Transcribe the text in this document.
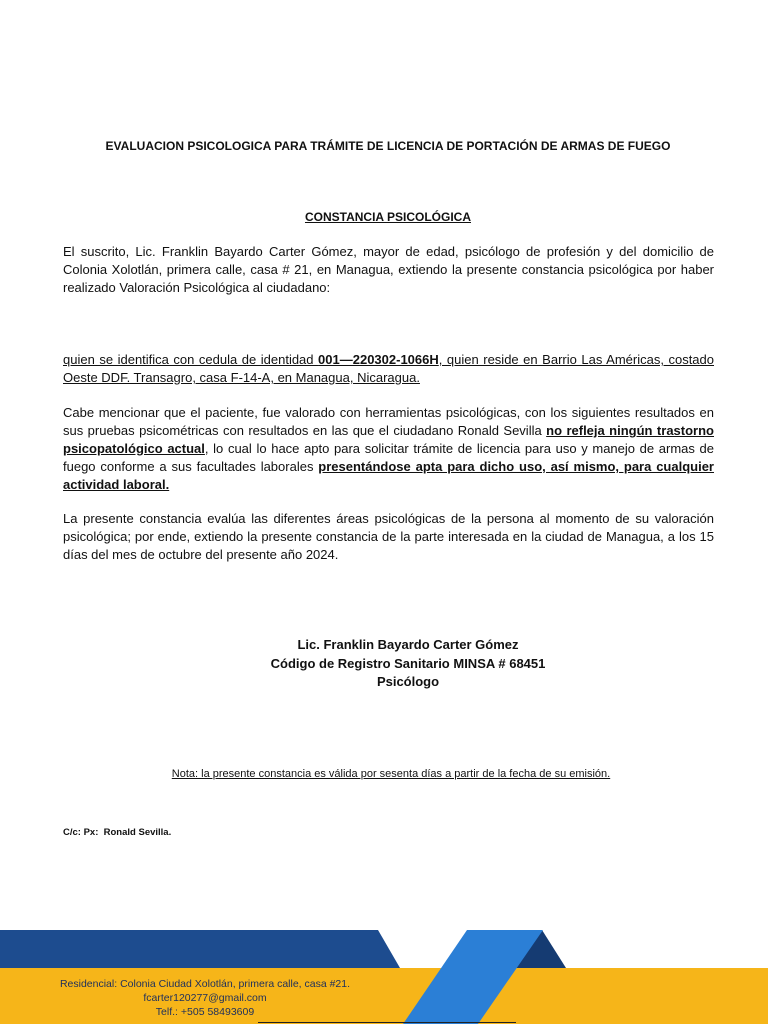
EVALUACION PSICOLOGICA PARA TRÁMITE DE LICENCIA DE PORTACIÓN DE ARMAS DE FUEGO
CONSTANCIA PSICOLÓGICA

El suscrito, Lic. Franklin Bayardo Carter Gómez, mayor de edad, psicólogo de profesión y del domicilio de Colonia Xolotlán, primera calle, casa # 21, en Managua, extiendo la presente constancia psicológica por haber realizado Valoración Psicológica al ciudadano:

quien se identifica con cedula de identidad 001—220302-1066H, quien reside en Barrio Las Américas, costado Oeste DDF. Transagro, casa F-14-A, en Managua, Nicaragua.

Cabe mencionar que el paciente, fue valorado con herramientas psicológicas, con los siguientes resultados en sus pruebas psicométricas con resultados en las que el ciudadano Ronald Sevilla no refleja ningún trastorno psicopatológico actual, lo cual lo hace apto para solicitar trámite de licencia para uso y manejo de armas de fuego conforme a sus facultades laborales presentándose apta para dicho uso, así mismo, para cualquier actividad laboral.

La presente constancia evalúa las diferentes áreas psicológicas de la persona al momento de su valoración psicológica; por ende, extiendo la presente constancia de la parte interesada en la ciudad de Managua, a los 15 días del mes de octubre del presente año 2024.

Lic. Franklin Bayardo Carter Gómez
Código de Registro Sanitario MINSA # 68451
Psicólogo
Nota: la presente constancia es válida por sesenta días a partir de la fecha de su emisión.
C/c: Px:  Ronald Sevilla.
Residencial: Colonia Ciudad Xolotlán, primera calle, casa #21.
fcarter120277@gmail.com
Telf.: +505 58493609
